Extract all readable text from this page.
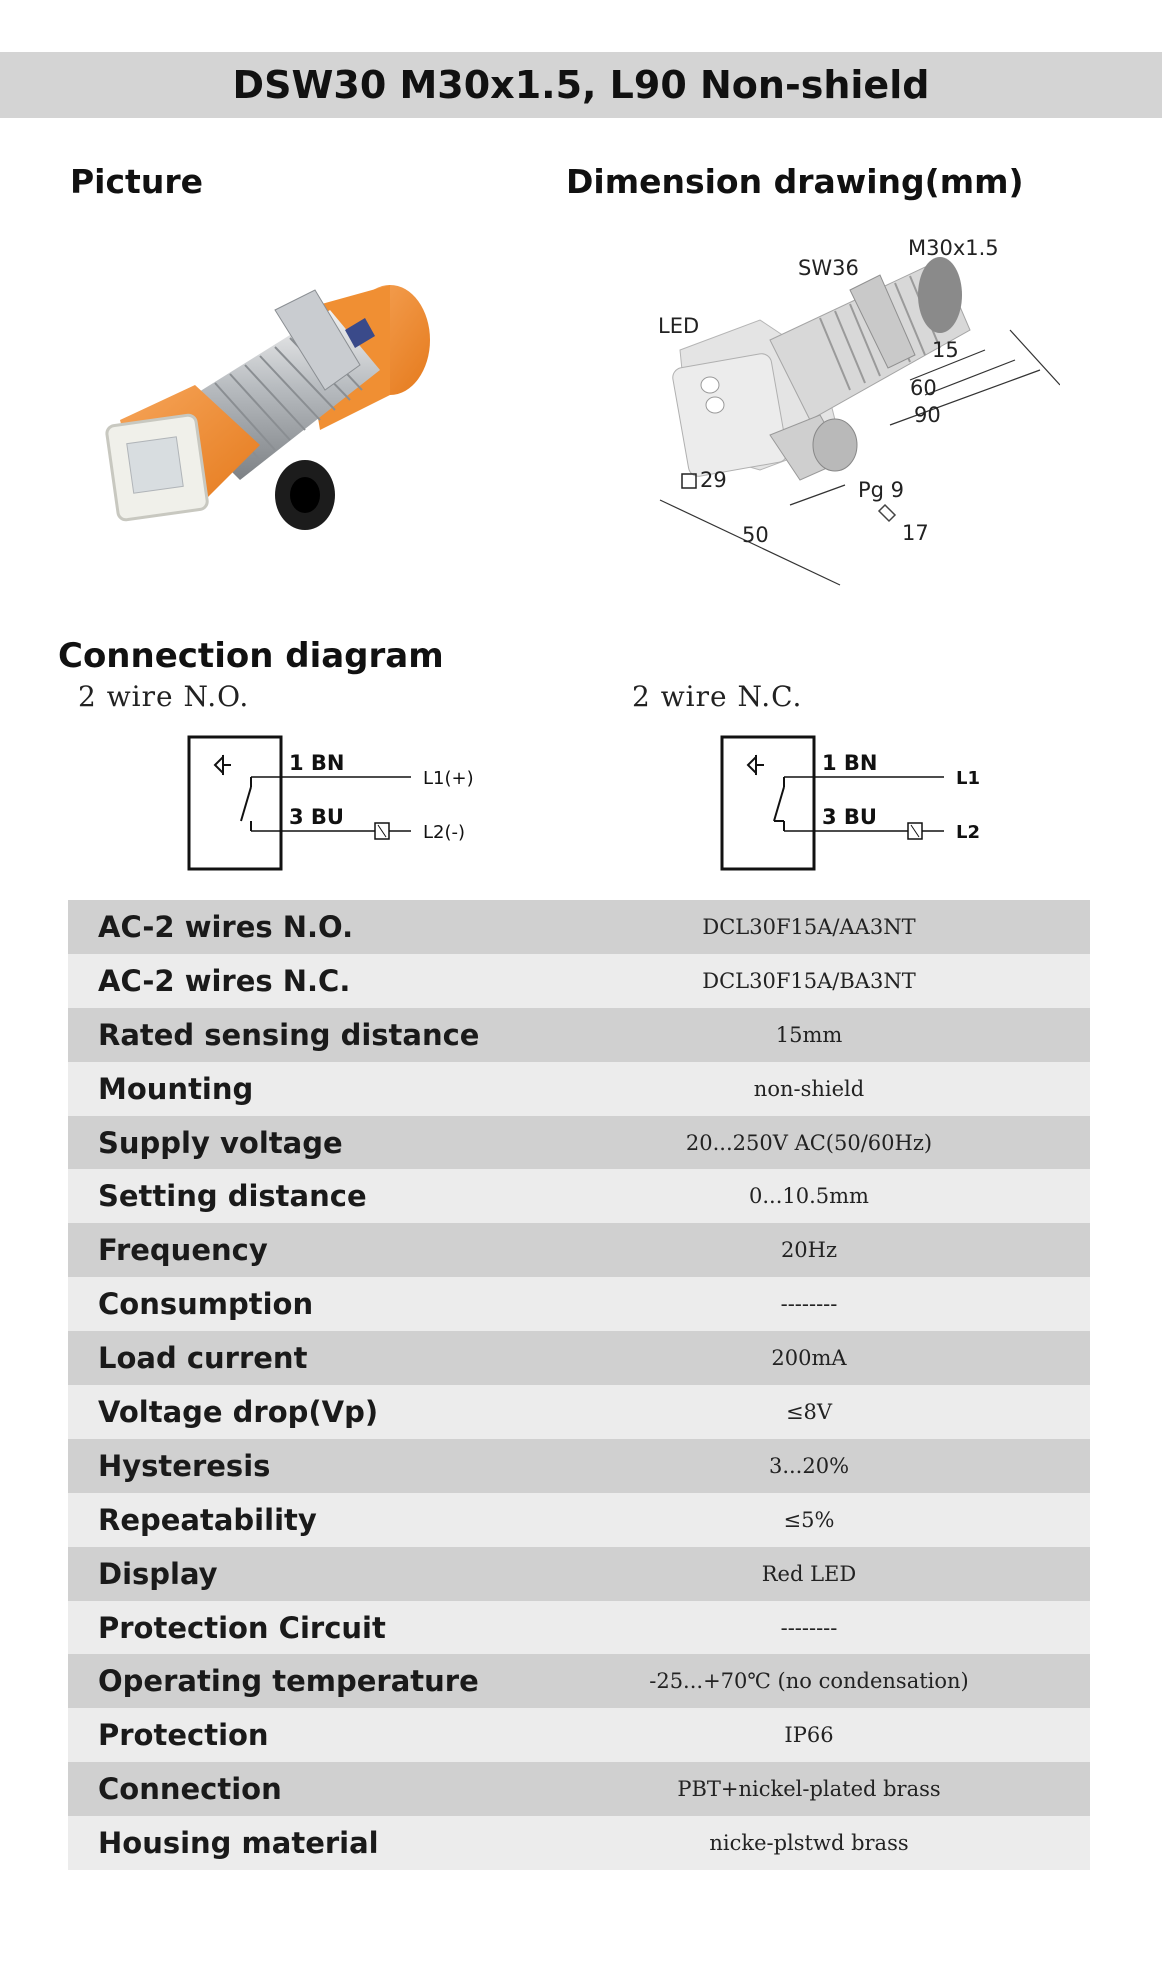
DSW30 M30x1.5, L90 Non-shield
Picture	Dimension drawing(mm)
SW36
M30x1.5
LED
15
60
90
29	Pg 9
50	17
Connection diagram
2 wire N.O.	2 wire N.C.
1 BN
3 BU
L1(+)
L2(-)
1 BN
3 BU
L1
L2
AC-2 wires N.O.	DCL30F15A/AA3NT
AC-2 wires N.C.	DCL30F15A/BA3NT
Rated sensing distance	15mm
Mounting	non-shield
Supply voltage	20...250V AC(50/60Hz)
Setting distance	0...10.5mm
Frequency	20Hz
Consumption	--------
Load current	200mA
Voltage drop(Vp)	≤8V
Hysteresis	3...20%
Repeatability	≤5%
Display	Red LED
Protection Circuit	--------
Operating temperature	-25...+70℃ (no condensation)
Protection	IP66
Connection	PBT+nickel-plated brass
Housing material	nicke-plstwd brass
